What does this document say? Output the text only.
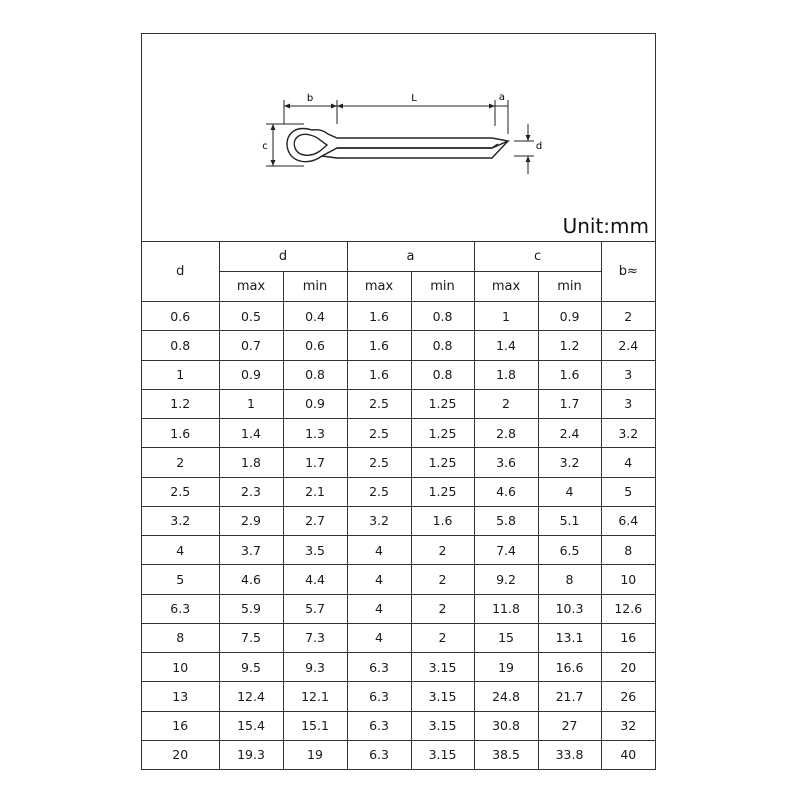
b	L	a
c	d
Unit:mm
d	d		a		c		b≈
	max	min	max	min	max	min	
0.6	0.5	0.4	1.6	0.8	1	0.9	2
0.8	0.7	0.6	1.6	0.8	1.4	1.2	2.4
1	0.9	0.8	1.6	0.8	1.8	1.6	3
1.2	1	0.9	2.5	1.25	2	1.7	3
1.6	1.4	1.3	2.5	1.25	2.8	2.4	3.2
2	1.8	1.7	2.5	1.25	3.6	3.2	4
2.5	2.3	2.1	2.5	1.25	4.6	4	5
3.2	2.9	2.7	3.2	1.6	5.8	5.1	6.4
4	3.7	3.5	4	2	7.4	6.5	8
5	4.6	4.4	4	2	9.2	8	10
6.3	5.9	5.7	4	2	11.8	10.3	12.6
8	7.5	7.3	4	2	15	13.1	16
10	9.5	9.3	6.3	3.15	19	16.6	20
13	12.4	12.1	6.3	3.15	24.8	21.7	26
16	15.4	15.1	6.3	3.15	30.8	27	32
20	19.3	19	6.3	3.15	38.5	33.8	40
